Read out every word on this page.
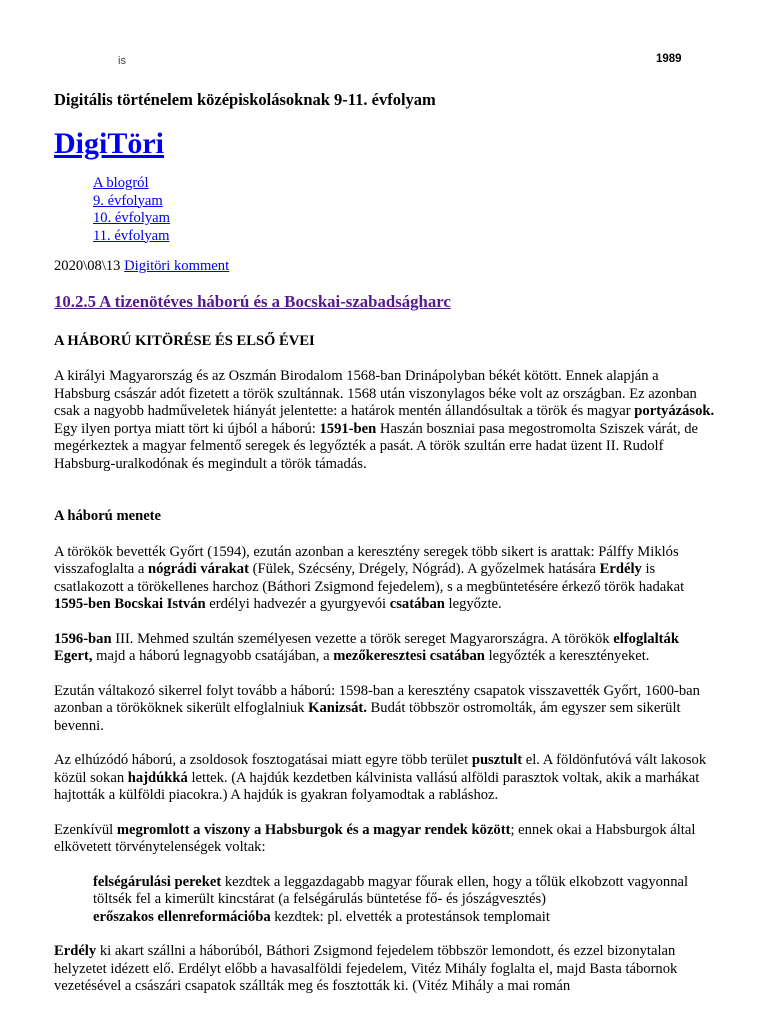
is	1989

Digitális történelem középiskolásoknak 9-11. évfolyam

DigiTöri
A blogról
9. évfolyam
10. évfolyam
11. évfolyam

2020\08\13 Digitöri komment

10.2.5 A tizenötéves háború és a Bocskai-szabadságharc
A HÁBORÚ KITÖRÉSE ÉS ELSŐ ÉVEI

A királyi Magyarország és az Oszmán Birodalom 1568-ban Drinápolyban békét kötött. Ennek alapján a Habsburg császár adót fizetett a török szultánnak. 1568 után viszonylagos béke volt az országban. Ez azonban csak a nagyobb hadműveletek hiányát jelentette: a határok mentén állandósultak a török és magyar portyázások. Egy ilyen portya miatt tört ki újból a háború: 1591-ben Haszán boszniai pasa megostromolta Sziszek várát, de megérkeztek a magyar felmentő seregek és legyőzték a pasát. A török szultán erre hadat üzent II. Rudolf Habsburg-uralkodónak és megindult a török támadás.

A háború menete

A törökök bevették Győrt (1594), ezután azonban a keresztény seregek több sikert is arattak: Pálffy Miklós visszafoglalta a nógrádi várakat (Fülek, Szécsény, Drégely, Nógrád). A győzelmek hatására Erdély is csatlakozott a törökellenes harchoz (Báthori Zsigmond fejedelem), s a megbüntetésére érkező török hadakat 1595-ben Bocskai István erdélyi hadvezér a gyurgyevói csatában legyőzte.

1596-ban III. Mehmed szultán személyesen vezette a török sereget Magyarországra. A törökök elfoglalták Egert, majd a háború legnagyobb csatájában, a mezőkeresztesi csatában legyőzték a keresztényeket.

Ezután váltakozó sikerrel folyt tovább a háború: 1598-ban a keresztény csapatok visszavették Győrt, 1600-ban azonban a törököknek sikerült elfoglalniuk Kanizsát. Budát többször ostromolták, ám egyszer sem sikerült bevenni.

Az elhúzódó háború, a zsoldosok fosztogatásai miatt egyre több terület pusztult el. A földönfutóvá vált lakosok közül sokan hajdúkká lettek. (A hajdúk kezdetben kálvinista vallású alföldi parasztok voltak, akik a marhákat hajtották a külföldi piacokra.) A hajdúk is gyakran folyamodtak a rabláshoz.

Ezenkívül megromlott a viszony a Habsburgok és a magyar rendek között; ennek okai a Habsburgok által elkövetett törvénytelenségek voltak:

felségárulási pereket kezdtek a leggazdagabb magyar főurak ellen, hogy a tőlük elkobzott vagyonnal töltsék fel a kimerült kincstárat (a felségárulás büntetése fő- és jószágvesztés)

erőszakos ellenreformációba kezdtek: pl. elvették a protestánsok templomait

Erdély ki akart szállni a háborúból, Báthori Zsigmond fejedelem többször lemondott, és ezzel bizonytalan helyzetet idézett elő. Erdélyt előbb a havasalföldi fejedelem, Vitéz Mihály foglalta el, majd Basta tábornok vezetésével a császári csapatok szállták meg és fosztották ki. (Vitéz Mihály a mai román
